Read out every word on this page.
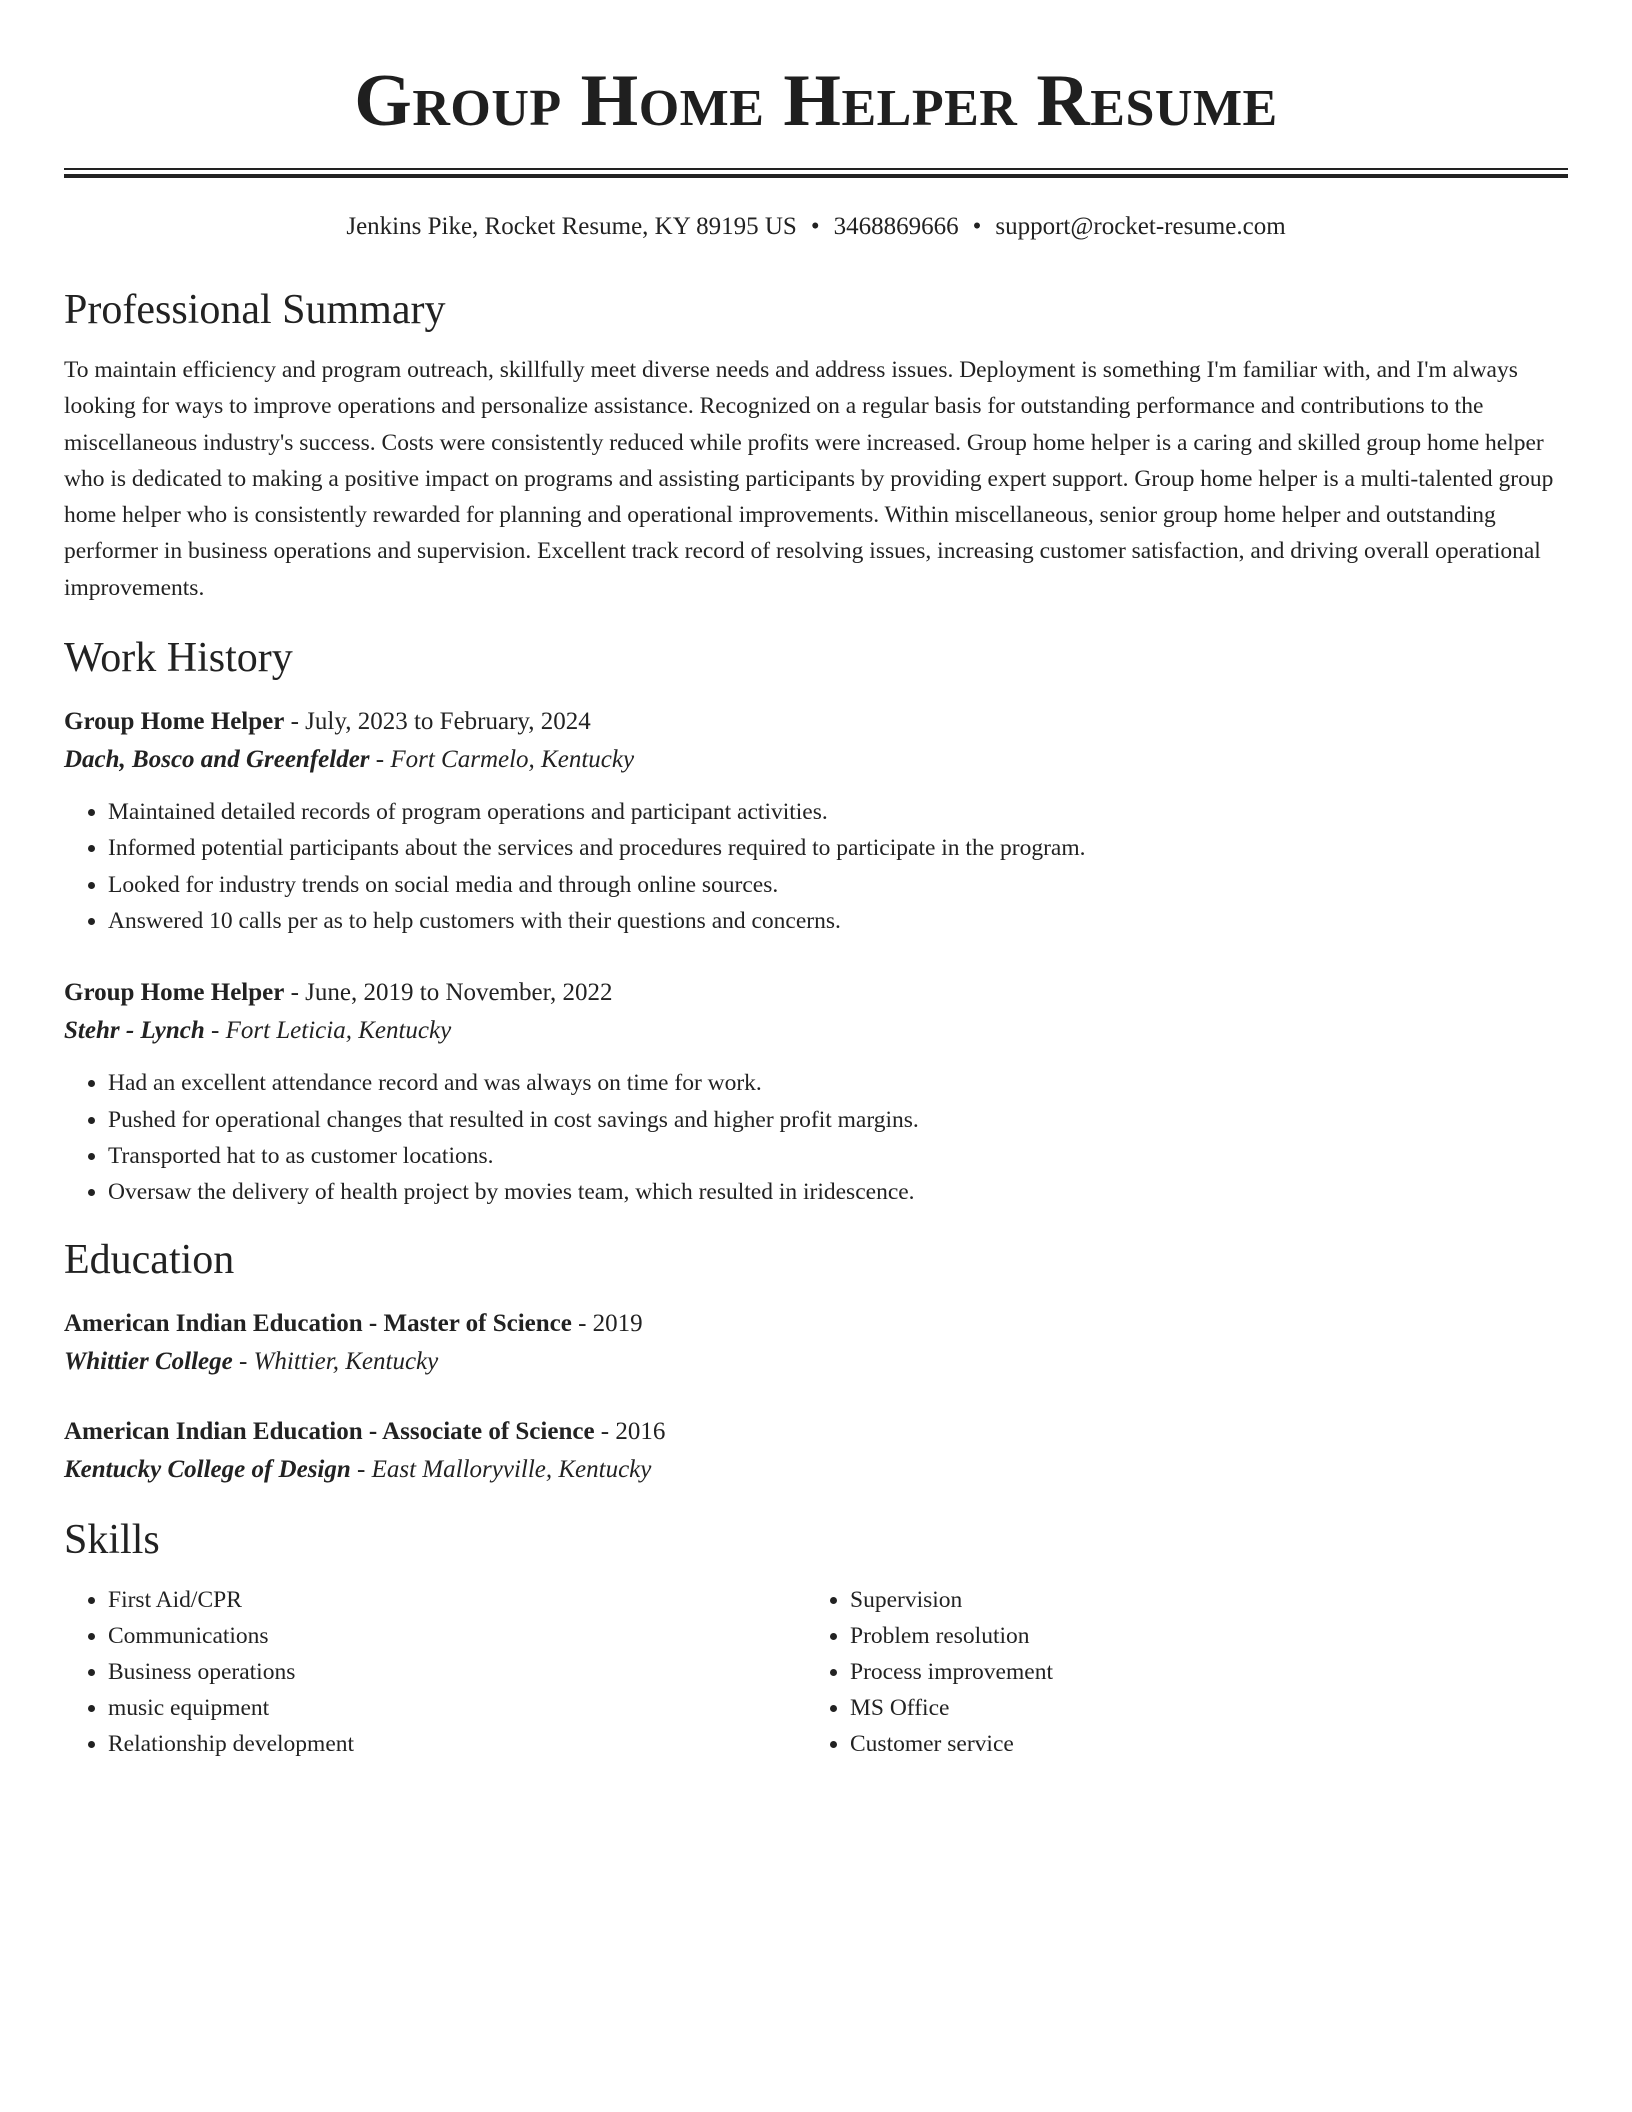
Group Home Helper Resume
Jenkins Pike, Rocket Resume, KY 89195 US • 3468869666 • support@rocket-resume.com
Professional Summary

To maintain efficiency and program outreach, skillfully meet diverse needs and address issues. Deployment is something I'm familiar with, and I'm always looking for ways to improve operations and personalize assistance. Recognized on a regular basis for outstanding performance and contributions to the miscellaneous industry's success. Costs were consistently reduced while profits were increased. Group home helper is a caring and skilled group home helper who is dedicated to making a positive impact on programs and assisting participants by providing expert support. Group home helper is a multi-talented group home helper who is consistently rewarded for planning and operational improvements. Within miscellaneous, senior group home helper and outstanding performer in business operations and supervision. Excellent track record of resolving issues, increasing customer satisfaction, and driving overall operational improvements.

Work History
Group Home Helper - July, 2023 to February, 2024
Dach, Bosco and Greenfelder - Fort Carmelo, Kentucky
• Maintained detailed records of program operations and participant activities.
• Informed potential participants about the services and procedures required to participate in the program.
• Looked for industry trends on social media and through online sources.
• Answered 10 calls per as to help customers with their questions and concerns.
Group Home Helper - June, 2019 to November, 2022
Stehr - Lynch - Fort Leticia, Kentucky
• Had an excellent attendance record and was always on time for work.
• Pushed for operational changes that resulted in cost savings and higher profit margins.
• Transported hat to as customer locations.
• Oversaw the delivery of health project by movies team, which resulted in iridescence.
Education
American Indian Education - Master of Science - 2019
Whittier College - Whittier, Kentucky
American Indian Education - Associate of Science - 2016
Kentucky College of Design - East Malloryville, Kentucky
Skills
• First Aid/CPR
• Communications
• Business operations
• music equipment
• Relationship development
• Supervision
• Problem resolution
• Process improvement
• MS Office
• Customer service
